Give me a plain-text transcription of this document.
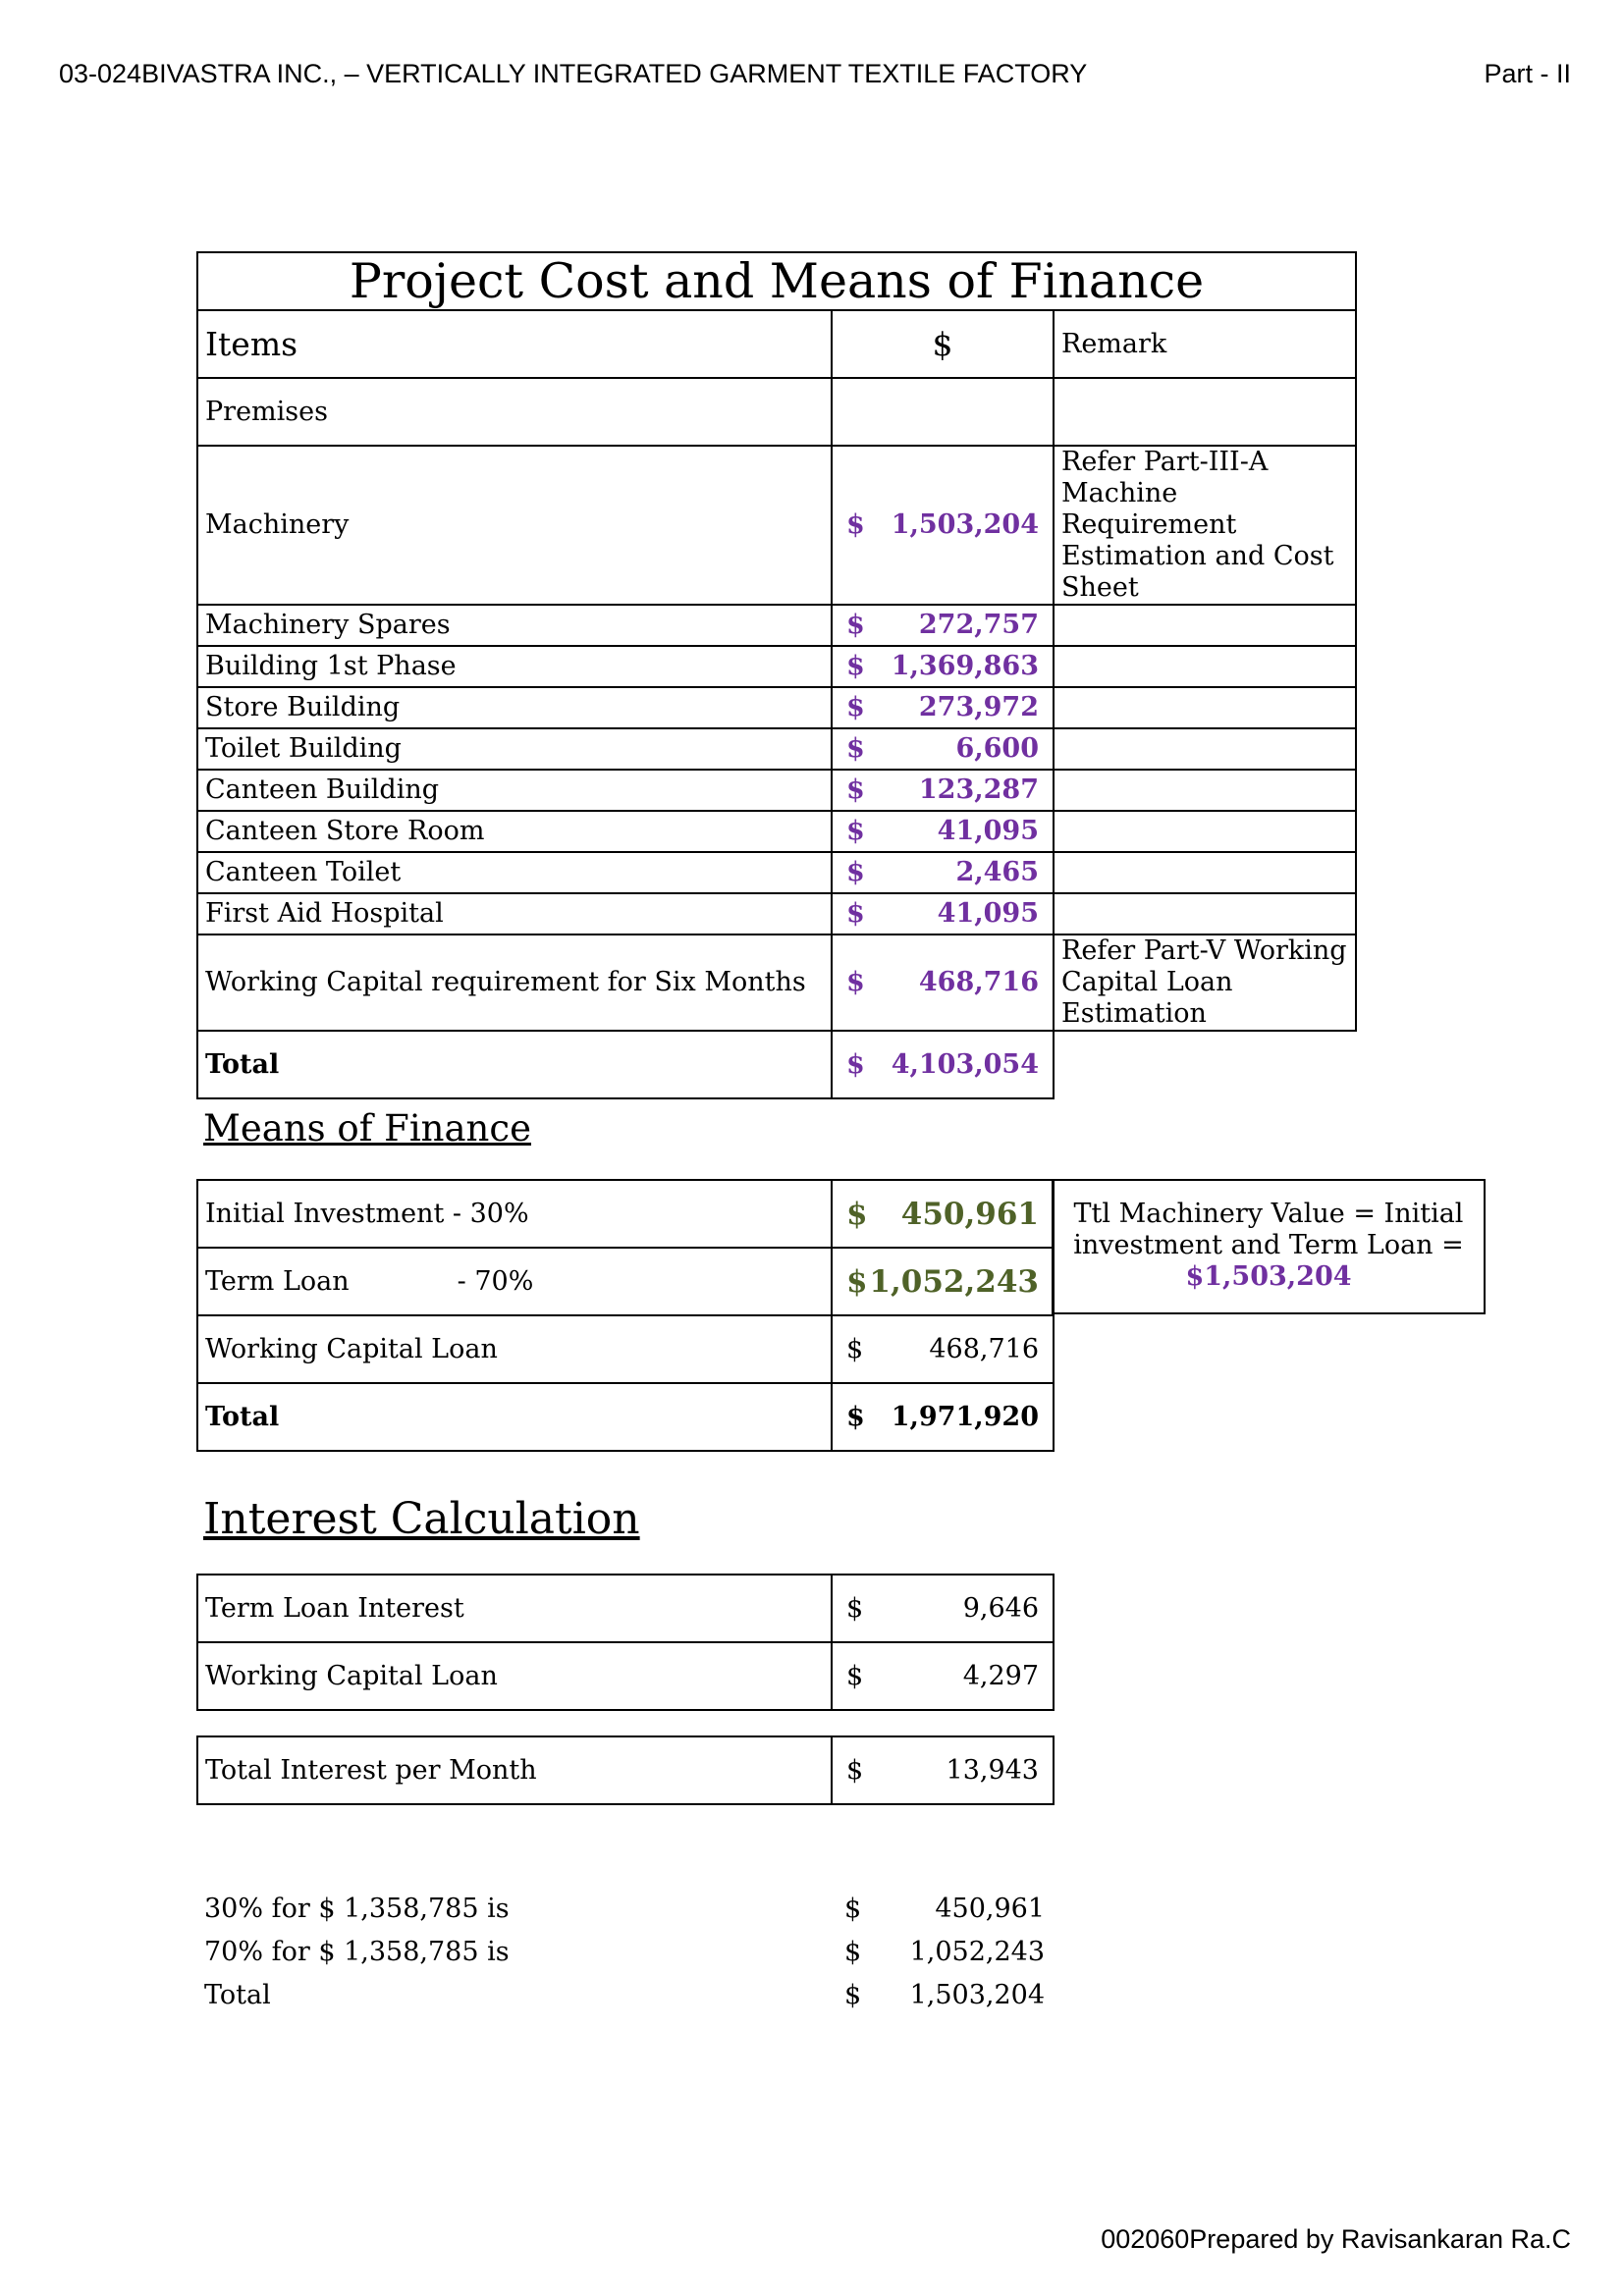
03-024BIVASTRA INC., – VERTICALLY INTEGRATED GARMENT TEXTILE FACTORY	Part - II
Project Cost and Means of Finance		
Items	$	Remark
Premises		
Machinery	$ 1,503,204	Refer Part-III-A Machine Requirement Estimation and Cost Sheet
Machinery Spares	$ 272,757	

Building 1st Phase	$ 1,369,863	

Store Building	$ 273,972	

Toilet Building	$ 6,600	

Canteen Building	$ 123,287	

Canteen Store Room	$ 41,095	

Canteen Toilet	$ 2,465	

First Aid Hospital	$ 41,095	

Working Capital requirement for Six Months	$ 468,716	Refer Part-V Working Capital Loan Estimation
Total	$ 4,103,054	

Means of Finance
Initial Investment - 30%	$ 450,961

Term Loan - 70%	$ 1,052,243

Working Capital Loan	$ 468,716

Total	$ 1,971,920
Ttl Machinery Value = Initial investment and Term Loan =
$1,503,204
Interest Calculation
Term Loan Interest	$ 9,646

Working Capital Loan	$ 4,297
Total Interest per Month	$	13,943
30% for $ 1,358,785 is	$	450,961
70% for $ 1,358,785 is	$ 1,052,243
Total	$ 1,503,204
002060Prepared by Ravisankaran Ra.C
